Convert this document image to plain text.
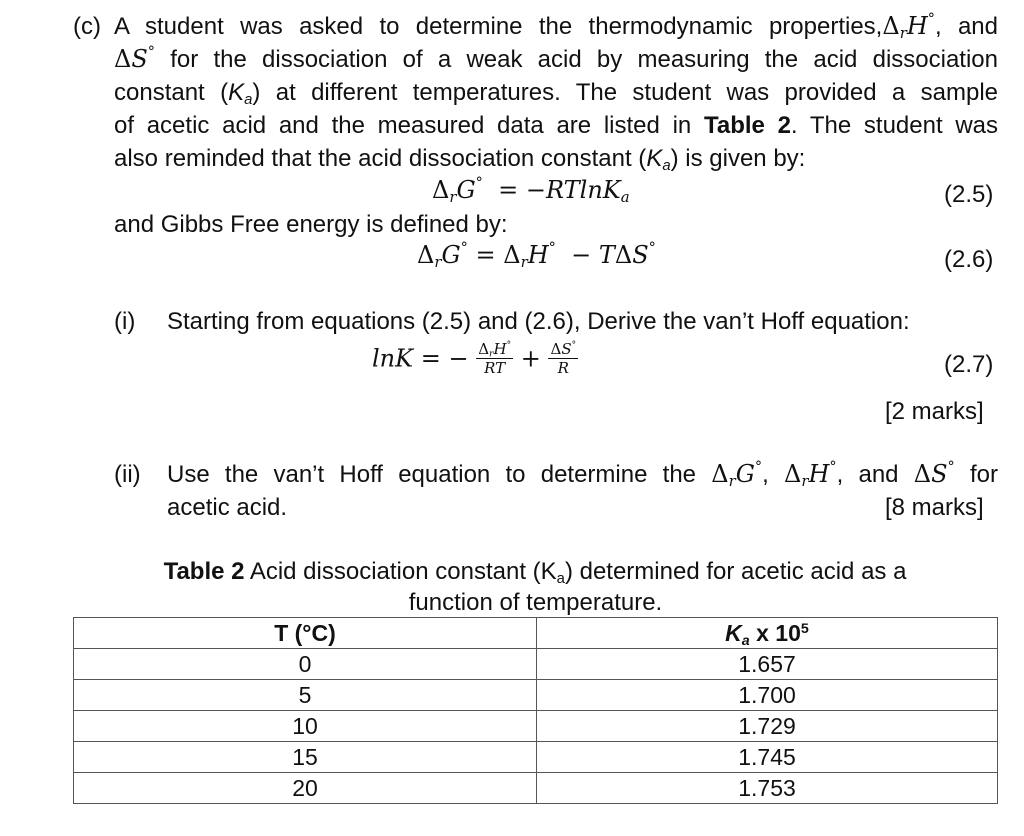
(c) A student was asked to determine the thermodynamic $properties,\Delta_rH^\circ$, and
ΔS° for the dissociation of a weak acid by measuring the acid dissociation
constant $(K_a)$ at different temperatures. The student was provided a sample
of acetic acid and the measured data are listed in Table 2. The student was
also reminded that the acid dissociation constant $(K_a)$ is given by:
$\Delta_rG^\circ = -RTlnK_a$	(2.5)
and Gibbs Free energy is defined by:
$\Delta_rG^\circ = \Delta_rH^\circ - T\Delta S^\circ$	(2.6)
(i) Starting from equations (2.5) and (2.6), Derive the van’t Hoff equation:
lnK = − $\frac{\Delta_rH^\circ}{RT} + \frac{\Delta S^\circ}{R}$	(2.7)
[2 marks]
(ii) Use the van’t Hoff equation to determine the $\Delta_rG^\circ$, $\Delta_rH^\circ$, and ΔS° for
acetic acid.	[8 marks]
Table 2 Acid dissociation constant $(K_a)$ determined for acetic acid as a
function of temperature.
T (°C)	$K_a$ x $10^5$
0	1.657
5	1.700
10	1.729
15	1.745
20	1.753
